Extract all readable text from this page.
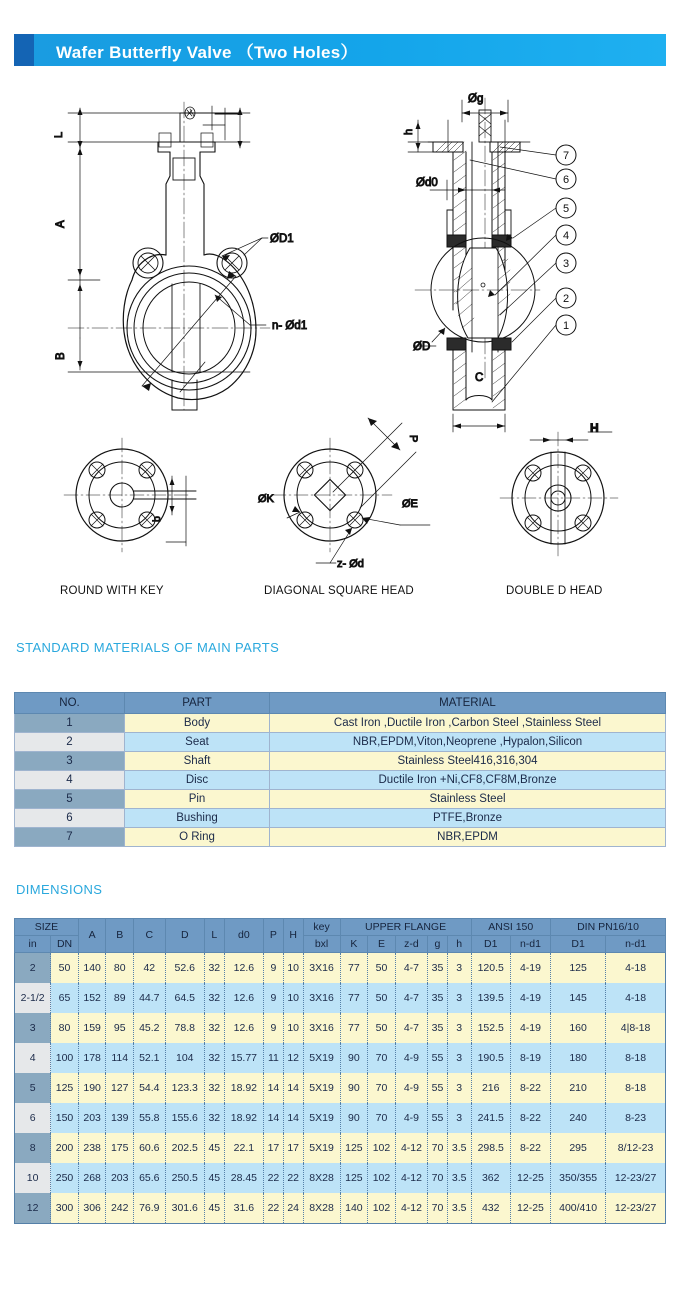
Wafer Butterfly Valve （Two Holes）
L
A
B
ØD1
n- Ød1
7
6
5
4
3
2
1
Øg
h
Ød0
ØD
C
b
ØK	ØE
z- Ød
P
H
ROUND WITH KEY	DIAGONAL SQUARE HEAD	DOUBLE D HEAD
STANDARD MATERIALS OF MAIN PARTS
DIMENSIONS
NO.	PART	MATERIAL
1	Body	Cast Iron ,Ductile Iron ,Carbon Steel ,Stainless Steel
2	Seat	NBR,EPDM,Viton,Neoprene ,Hypalon,Silicon
3	Shaft	Stainless Steel416,316,304
4	Disc	Ductile Iron +Ni,CF8,CF8M,Bronze
5	Pin	Stainless Steel
6	Bushing	PTFE,Bronze
7	O Ring	NBR,EPDM
SIZE		A	B	C	D	L	d0	P	H	key	UPPER FLANGE					ANSI 150		DIN PN16/10	
in	DN									bxl	K	E	z-d	g	h	D1	n-d1	D1	n-d1
2	50	140	80	42	52.6	32	12.6	9	10	3X16	77	50	4-7	35	3	120.5	4-19	125	4-18
2-1/2	65	152	89	44.7	64.5	32	12.6	9	10	3X16	77	50	4-7	35	3	139.5	4-19	145	4-18
3	80	159	95	45.2	78.8	32	12.6	9	10	3X16	77	50	4-7	35	3	152.5	4-19	160	4|8-18
4	100	178	114	52.1	104	32	15.77	11	12	5X19	90	70	4-9	55	3	190.5	8-19	180	8-18
5	125	190	127	54.4	123.3	32	18.92	14	14	5X19	90	70	4-9	55	3	216	8-22	210	8-18
6	150	203	139	55.8	155.6	32	18.92	14	14	5X19	90	70	4-9	55	3	241.5	8-22	240	8-23
8	200	238	175	60.6	202.5	45	22.1	17	17	5X19	125	102	4-12	70	3.5	298.5	8-22	295	8/12-23
10	250	268	203	65.6	250.5	45	28.45	22	22	8X28	125	102	4-12	70	3.5	362	12-25	350/355	12-23/27
12	300	306	242	76.9	301.6	45	31.6	22	24	8X28	140	102	4-12	70	3.5	432	12-25	400/410	12-23/27
